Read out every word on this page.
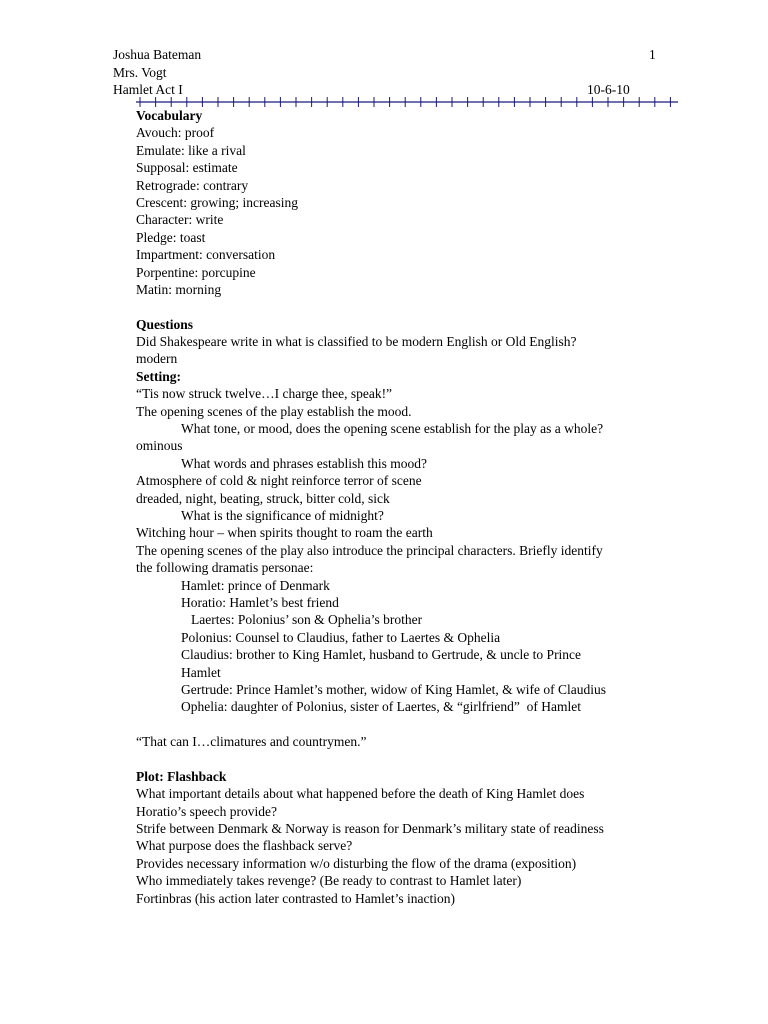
Joshua Bateman	1
Mrs. Vogt
Hamlet Act I	10-6-10
Vocabulary
Avouch: proof
Emulate: like a rival
Supposal: estimate
Retrograde: contrary
Crescent: growing; increasing
Character: write
Pledge: toast
Impartment: conversation
Porpentine: porcupine
Matin: morning
Questions
Did Shakespeare write in what is classified to be modern English or Old English?
modern
Setting:
“Tis now struck twelve…I charge thee, speak!”
The opening scenes of the play establish the mood.
What tone, or mood, does the opening scene establish for the play as a whole?
ominous
What words and phrases establish this mood?
Atmosphere of cold & night reinforce terror of scene
dreaded, night, beating, struck, bitter cold, sick
What is the significance of midnight?
Witching hour – when spirits thought to roam the earth
The opening scenes of the play also introduce the principal characters. Briefly identify
the following dramatis personae:
Hamlet: prince of Denmark
Horatio: Hamlet’s best friend
Laertes: Polonius’ son & Ophelia’s brother
Polonius: Counsel to Claudius, father to Laertes & Ophelia
Claudius: brother to King Hamlet, husband to Gertrude, & uncle to Prince
Hamlet
Gertrude: Prince Hamlet’s mother, widow of King Hamlet, & wife of Claudius
Ophelia: daughter of Polonius, sister of Laertes, & “girlfriend”  of Hamlet
“That can I…climatures and countrymen.”
Plot: Flashback
What important details about what happened before the death of King Hamlet does
Horatio’s speech provide?
Strife between Denmark & Norway is reason for Denmark’s military state of readiness
What purpose does the flashback serve?
Provides necessary information w/o disturbing the flow of the drama (exposition)
Who immediately takes revenge? (Be ready to contrast to Hamlet later)
Fortinbras (his action later contrasted to Hamlet’s inaction)
